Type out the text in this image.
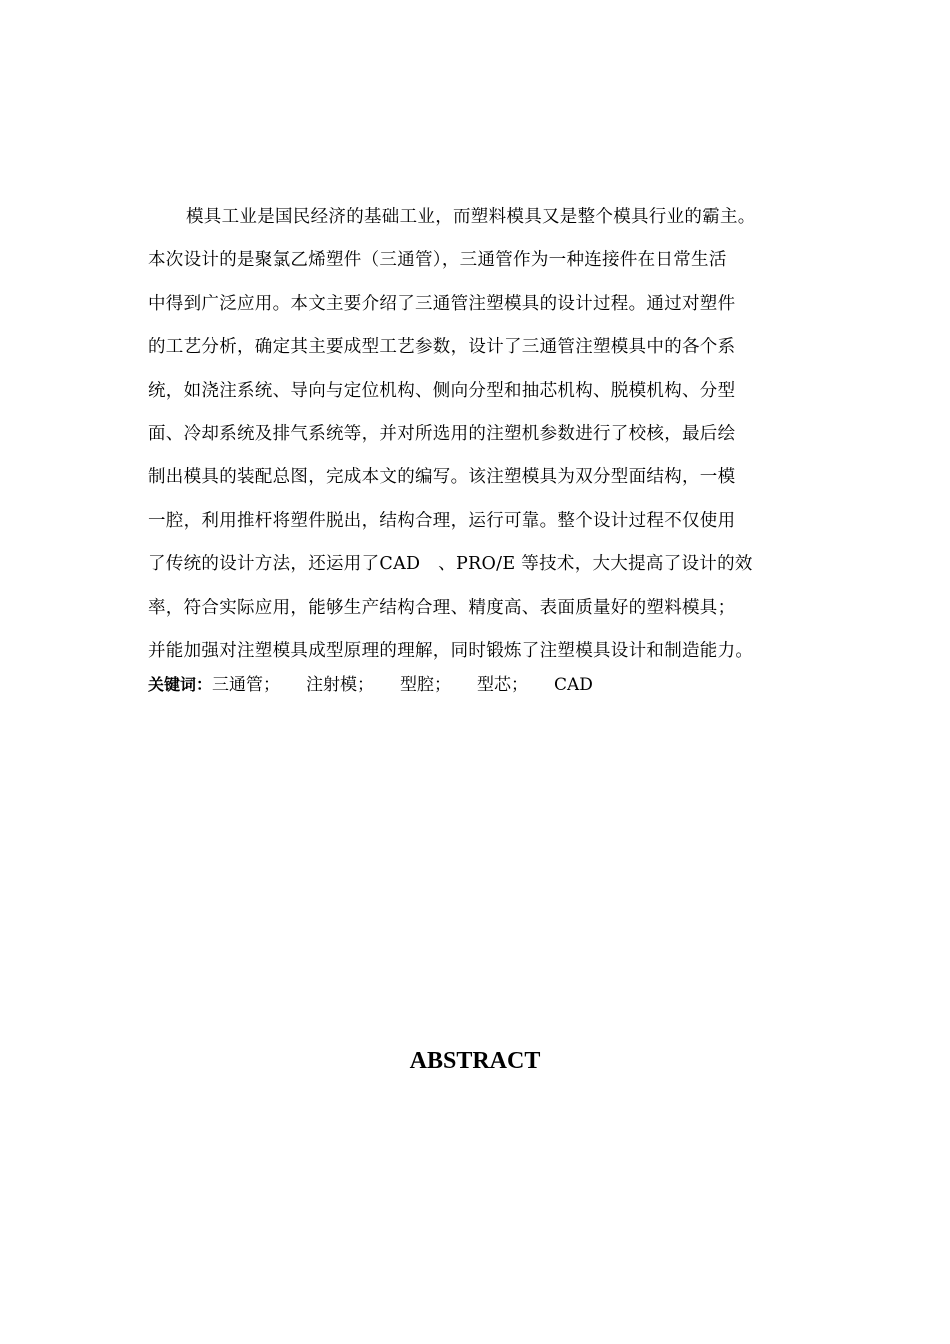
模具工业是国民经济的基础工业，而塑料模具又是整个模具行业的霸主。
本次设计的是聚氯乙烯塑件（三通管），三通管作为一种连接件在日常生活
中得到广泛应用。本文主要介绍了三通管注塑模具的设计过程。通过对塑件
的工艺分析，确定其主要成型工艺参数，设计了三通管注塑模具中的各个系
统，如浇注系统、导向与定位机构、侧向分型和抽芯机构、脱模机构、分型
面、冷却系统及排气系统等，并对所选用的注塑机参数进行了校核，最后绘
制出模具的装配总图，完成本文的编写。该注塑模具为双分型面结构，一模
一腔，利用推杆将塑件脱出，结构合理，运行可靠。整个设计过程不仅使用
了传统的设计方法，还运用了CAD　、PRO/E 等技术，大大提高了设计的效
率，符合实际应用，能够生产结构合理、精度高、表面质量好的塑料模具；
并能加强对注塑模具成型原理的理解，同时锻炼了注塑模具设计和制造能力。
关键词：三通管； 注射模； 型腔； 型芯； CAD
ABSTRACT
